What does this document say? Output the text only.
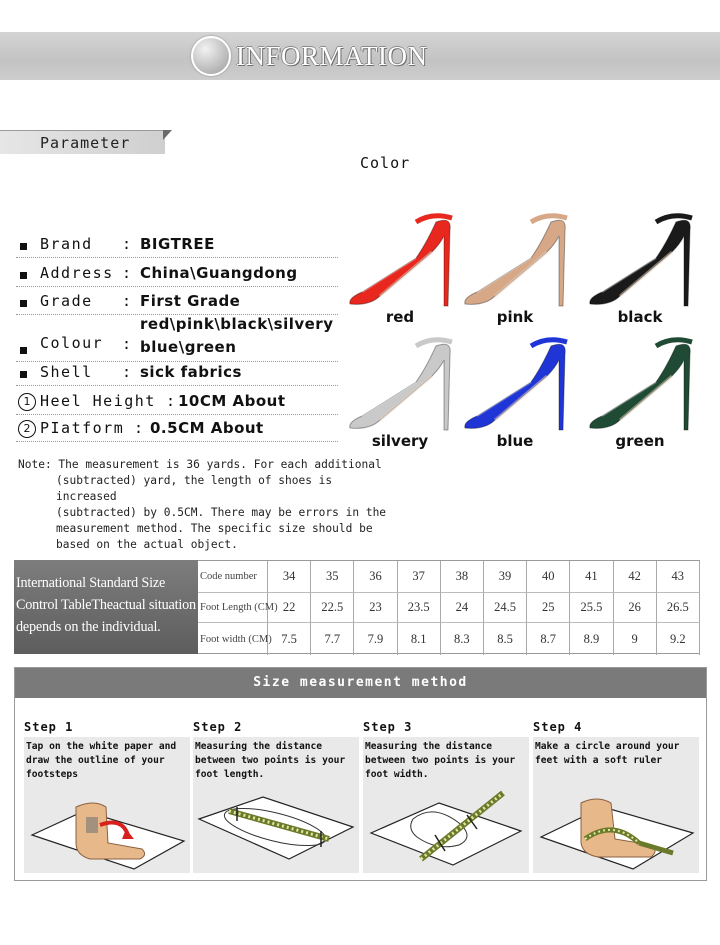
INFORMATION
Parameter
Color
Brand : BIGTREE
Address : China\Guangdong
Grade : First Grade
Colour :
red\pink\black\silvery
blue\green
Shell : sick fabrics
1 Heel Height : 10CM About
2 PIatform : 0.5CM About
Note: The measurement is 36 yards. For each additional
(subtracted) yard, the length of shoes is increased
(subtracted) by 0.5CM. There may be errors in the
measurement method. The specific size should be
based on the actual object.
red	pink	black
silvery	blue	green
International Standard Size
Control TableTheactual situation
depends on the individual.
Code number	34	35	36	37	38	39	40	41	42	43
Foot Length (CM) 22	22.5	23	23.5	24	24.5	25	25.5	26	26.5
Foot width (CM) 7.5	7.7	7.9	8.1	8.3	8.5	8.7	8.9	9	9.2
Size measurement method
Step 1
Tap on the white paper and draw the outline of your footsteps
Step 2
Measuring the distance between two points is your foot length.
Step 3
Measuring the distance between two points is your foot width.
Step 4
Make a circle around your feet with a soft ruler
